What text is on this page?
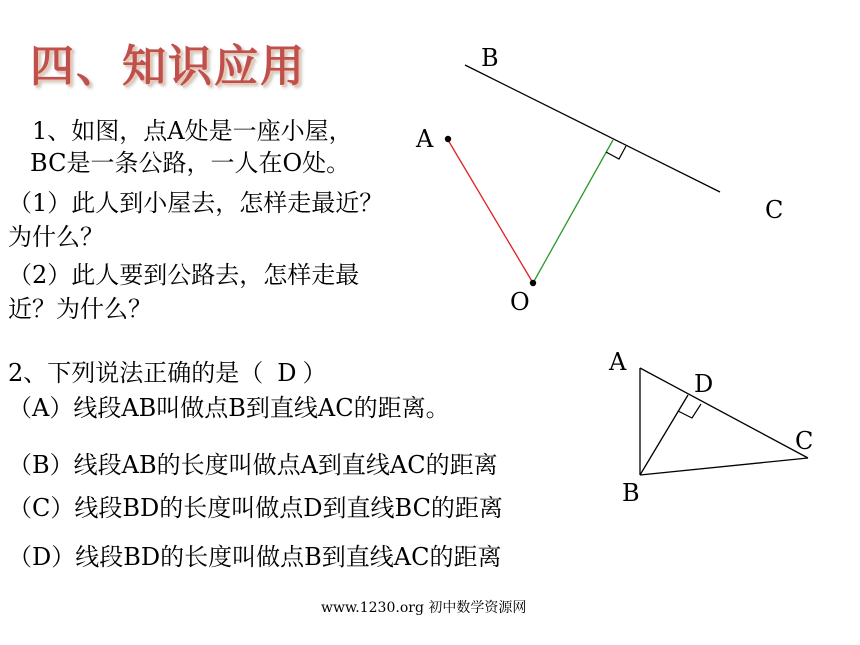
四、知识应用
1、如图，点A处是一座小屋，
BC是一条公路，一人在O处。
（1）此人到小屋去，怎样走最近？
为什么？
（2）此人要到公路去，怎样走最
近？为什么？
2、下列说法正确的是（ D ）
（A）线段AB叫做点B到直线AC的距离。
（B）线段AB的长度叫做点A到直线AC的距离
（C）线段BD的长度叫做点D到直线BC的距离
（D）线段BD的长度叫做点B到直线AC的距离
B
C
A
O
A
D
C
B
www.1230.org 初中数学资源网
